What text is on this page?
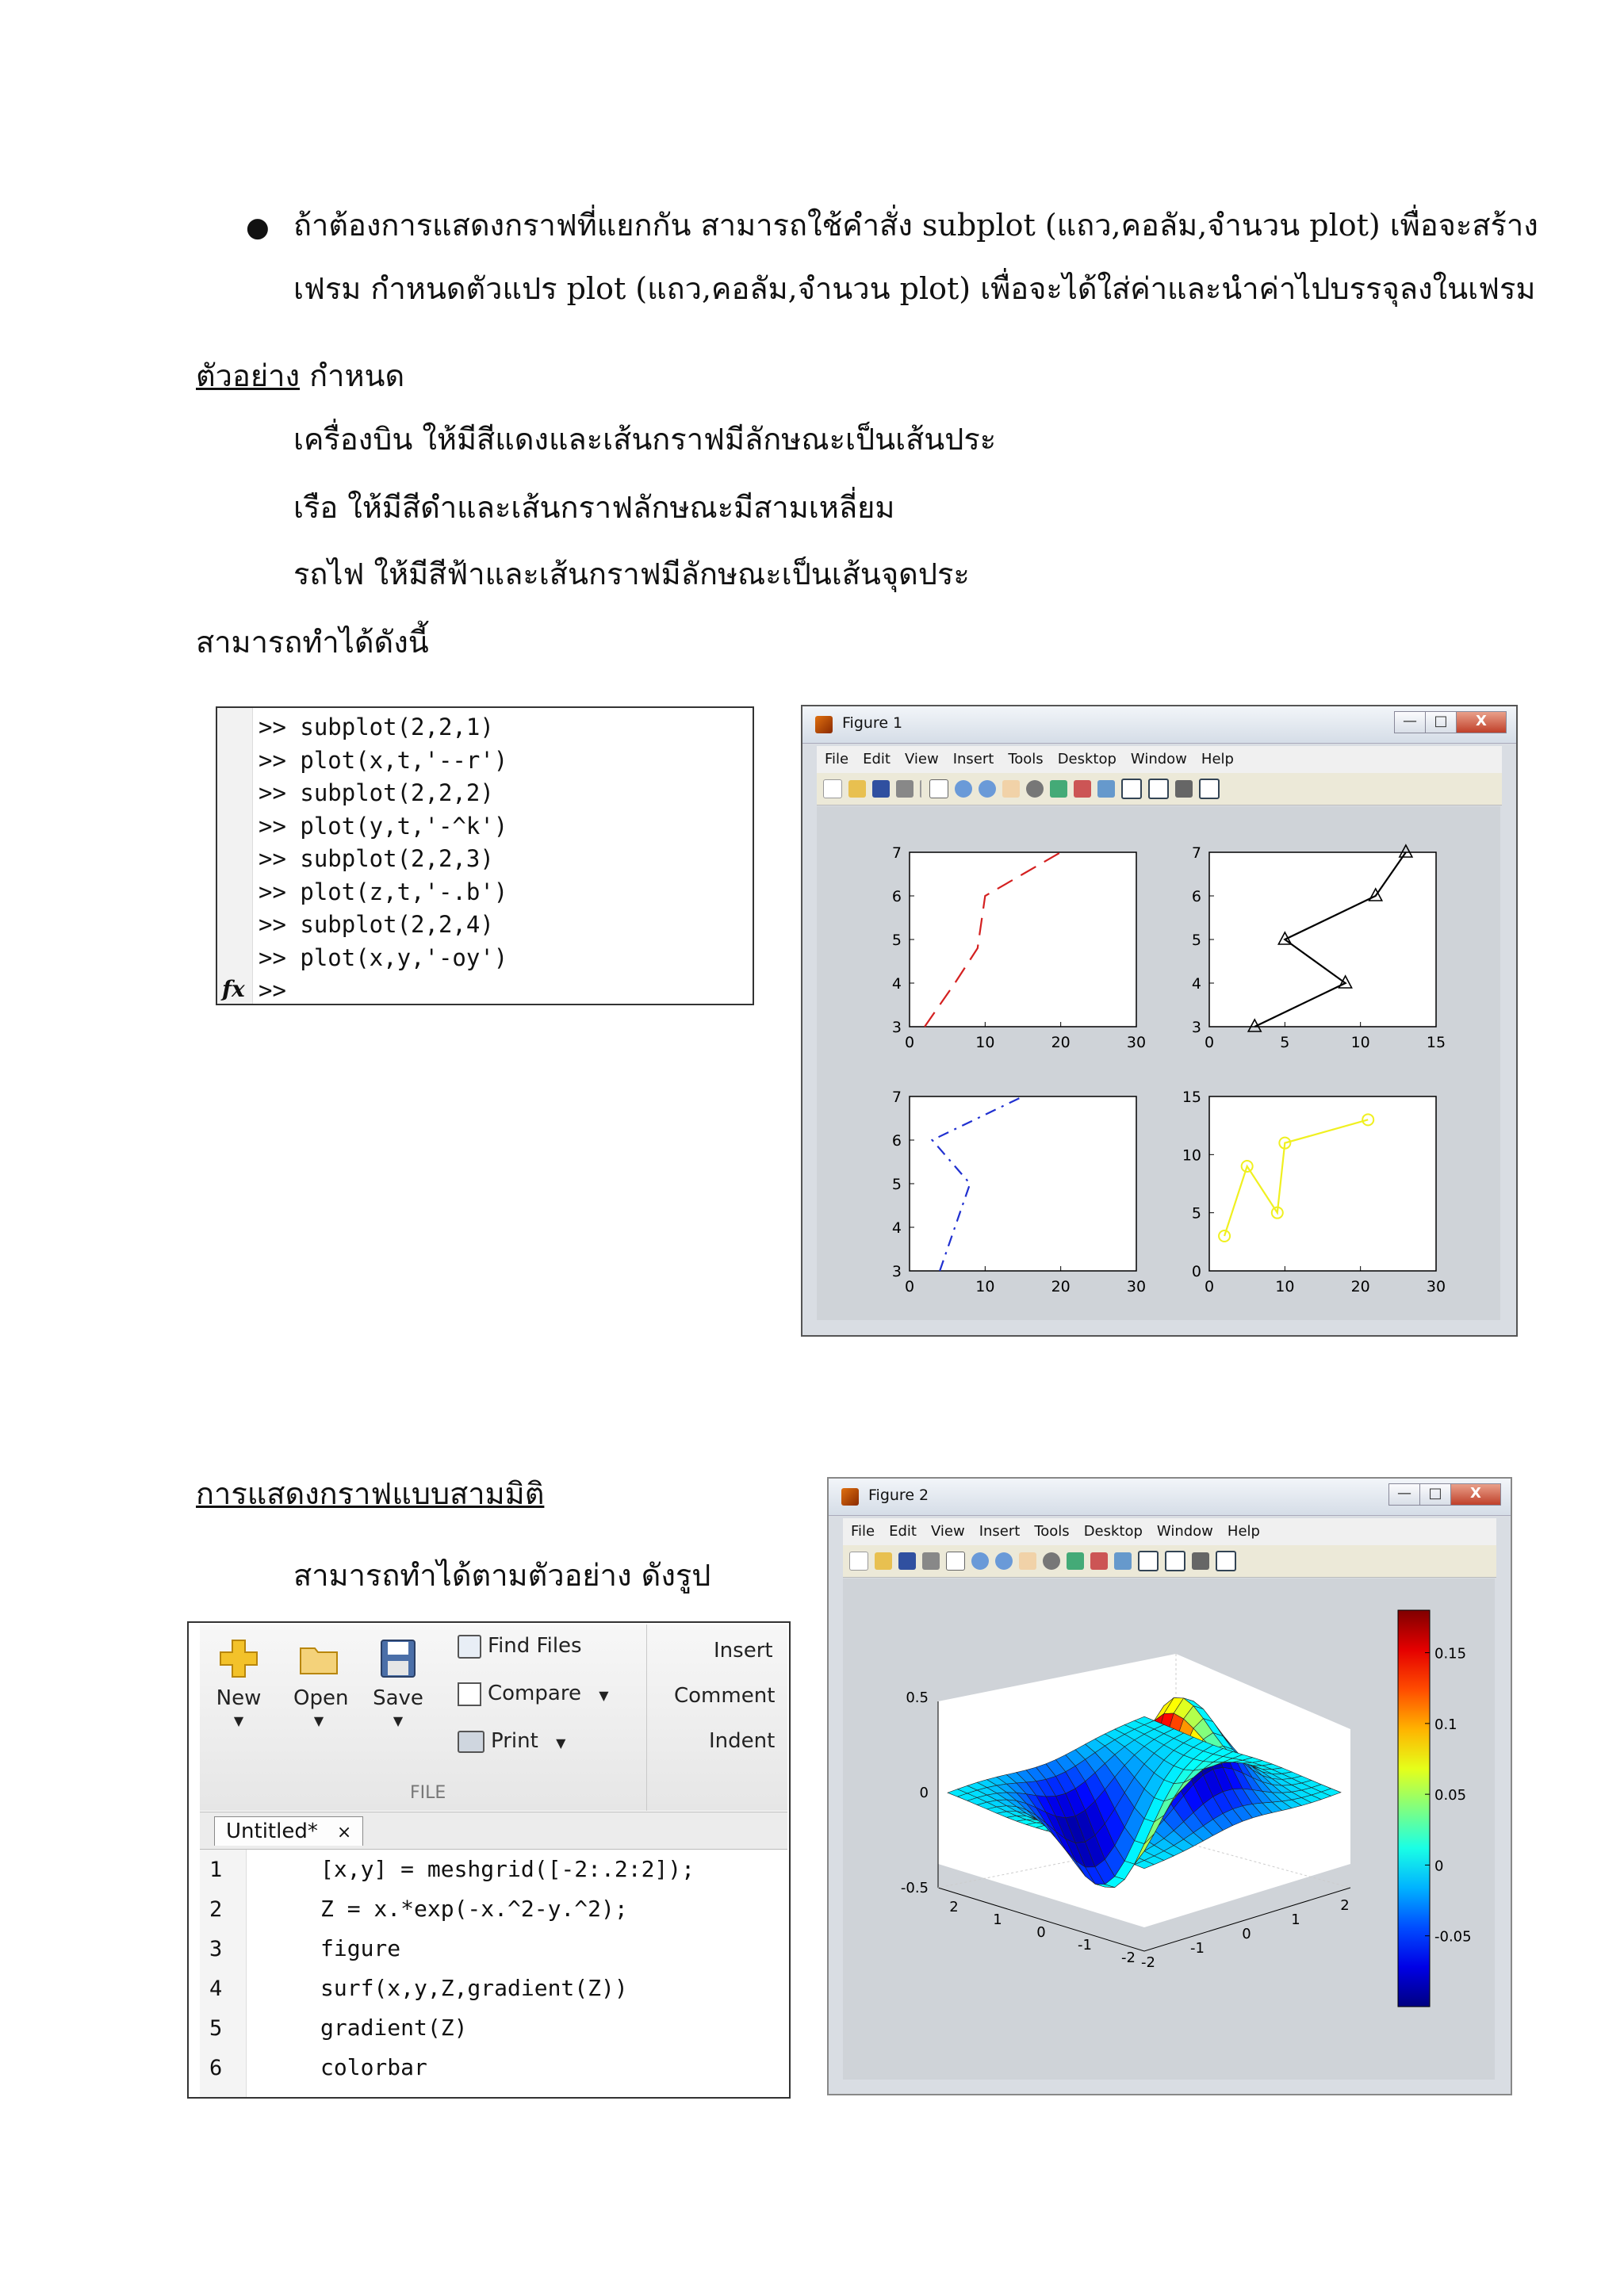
● ถ้าต้องการแสดงกราฟที่แยกกัน สามารถใช้คำสั่ง subplot (แถว,คอลัม,จำนวน plot) เพื่อจะสร้าง
เฟรม กำหนดตัวแปร plot (แถว,คอลัม,จำนวน plot) เพื่อจะได้ใส่ค่าและนำค่าไปบรรจุลงในเฟรม
ตัวอย่าง กำหนด
เครื่องบิน ให้มีสีแดงและเส้นกราฟมีลักษณะเป็นเส้นประ
เรือ ให้มีสีดำและเส้นกราฟลักษณะมีสามเหลี่ยม
รถไฟ ให้มีสีฟ้าและเส้นกราฟมีลักษณะเป็นเส้นจุดประ
สามารถทำได้ดังนี้
การแสดงกราฟแบบสามมิติ
สามารถทำได้ตามตัวอย่าง ดังรูป
>> subplot(2,2,1)
>> plot(x,t,'--r')
>> subplot(2,2,2)
>> plot(y,t,'-^k')
>> subplot(2,2,3)
>> plot(z,t,'-.b')
>> subplot(2,2,4)
>> plot(x,y,'-oy')
>>
fx
Figure 1	—	□	X
File Edit View Insert Tools Desktop Window Help
0	10	20	30
3
4
5
6
7
0	5	10	15
3
4
5
6
7
0	10	20	30
3
4
5
6
7
0	10	20	30
0
5
10
15
Figure 2	—	□	X
File Edit View Insert Tools Desktop Window Help
0.5
0
-0.5
2
1
0
-1
-2 -2
-1
0
1
2
-0.05
0
0.05
0.1
0.15
New
▼
Open
▼
Save
▼
Find Files
Compare ▼
Print ▼
FILE
Insert
Comment
Indent
Untitled* ×
1	[x,y] = meshgrid([-2:.2:2]);
2	Z = x.*exp(-x.^2-y.^2);
3	figure
4	surf(x,y,Z,gradient(Z))
5	gradient(Z)
6	colorbar
